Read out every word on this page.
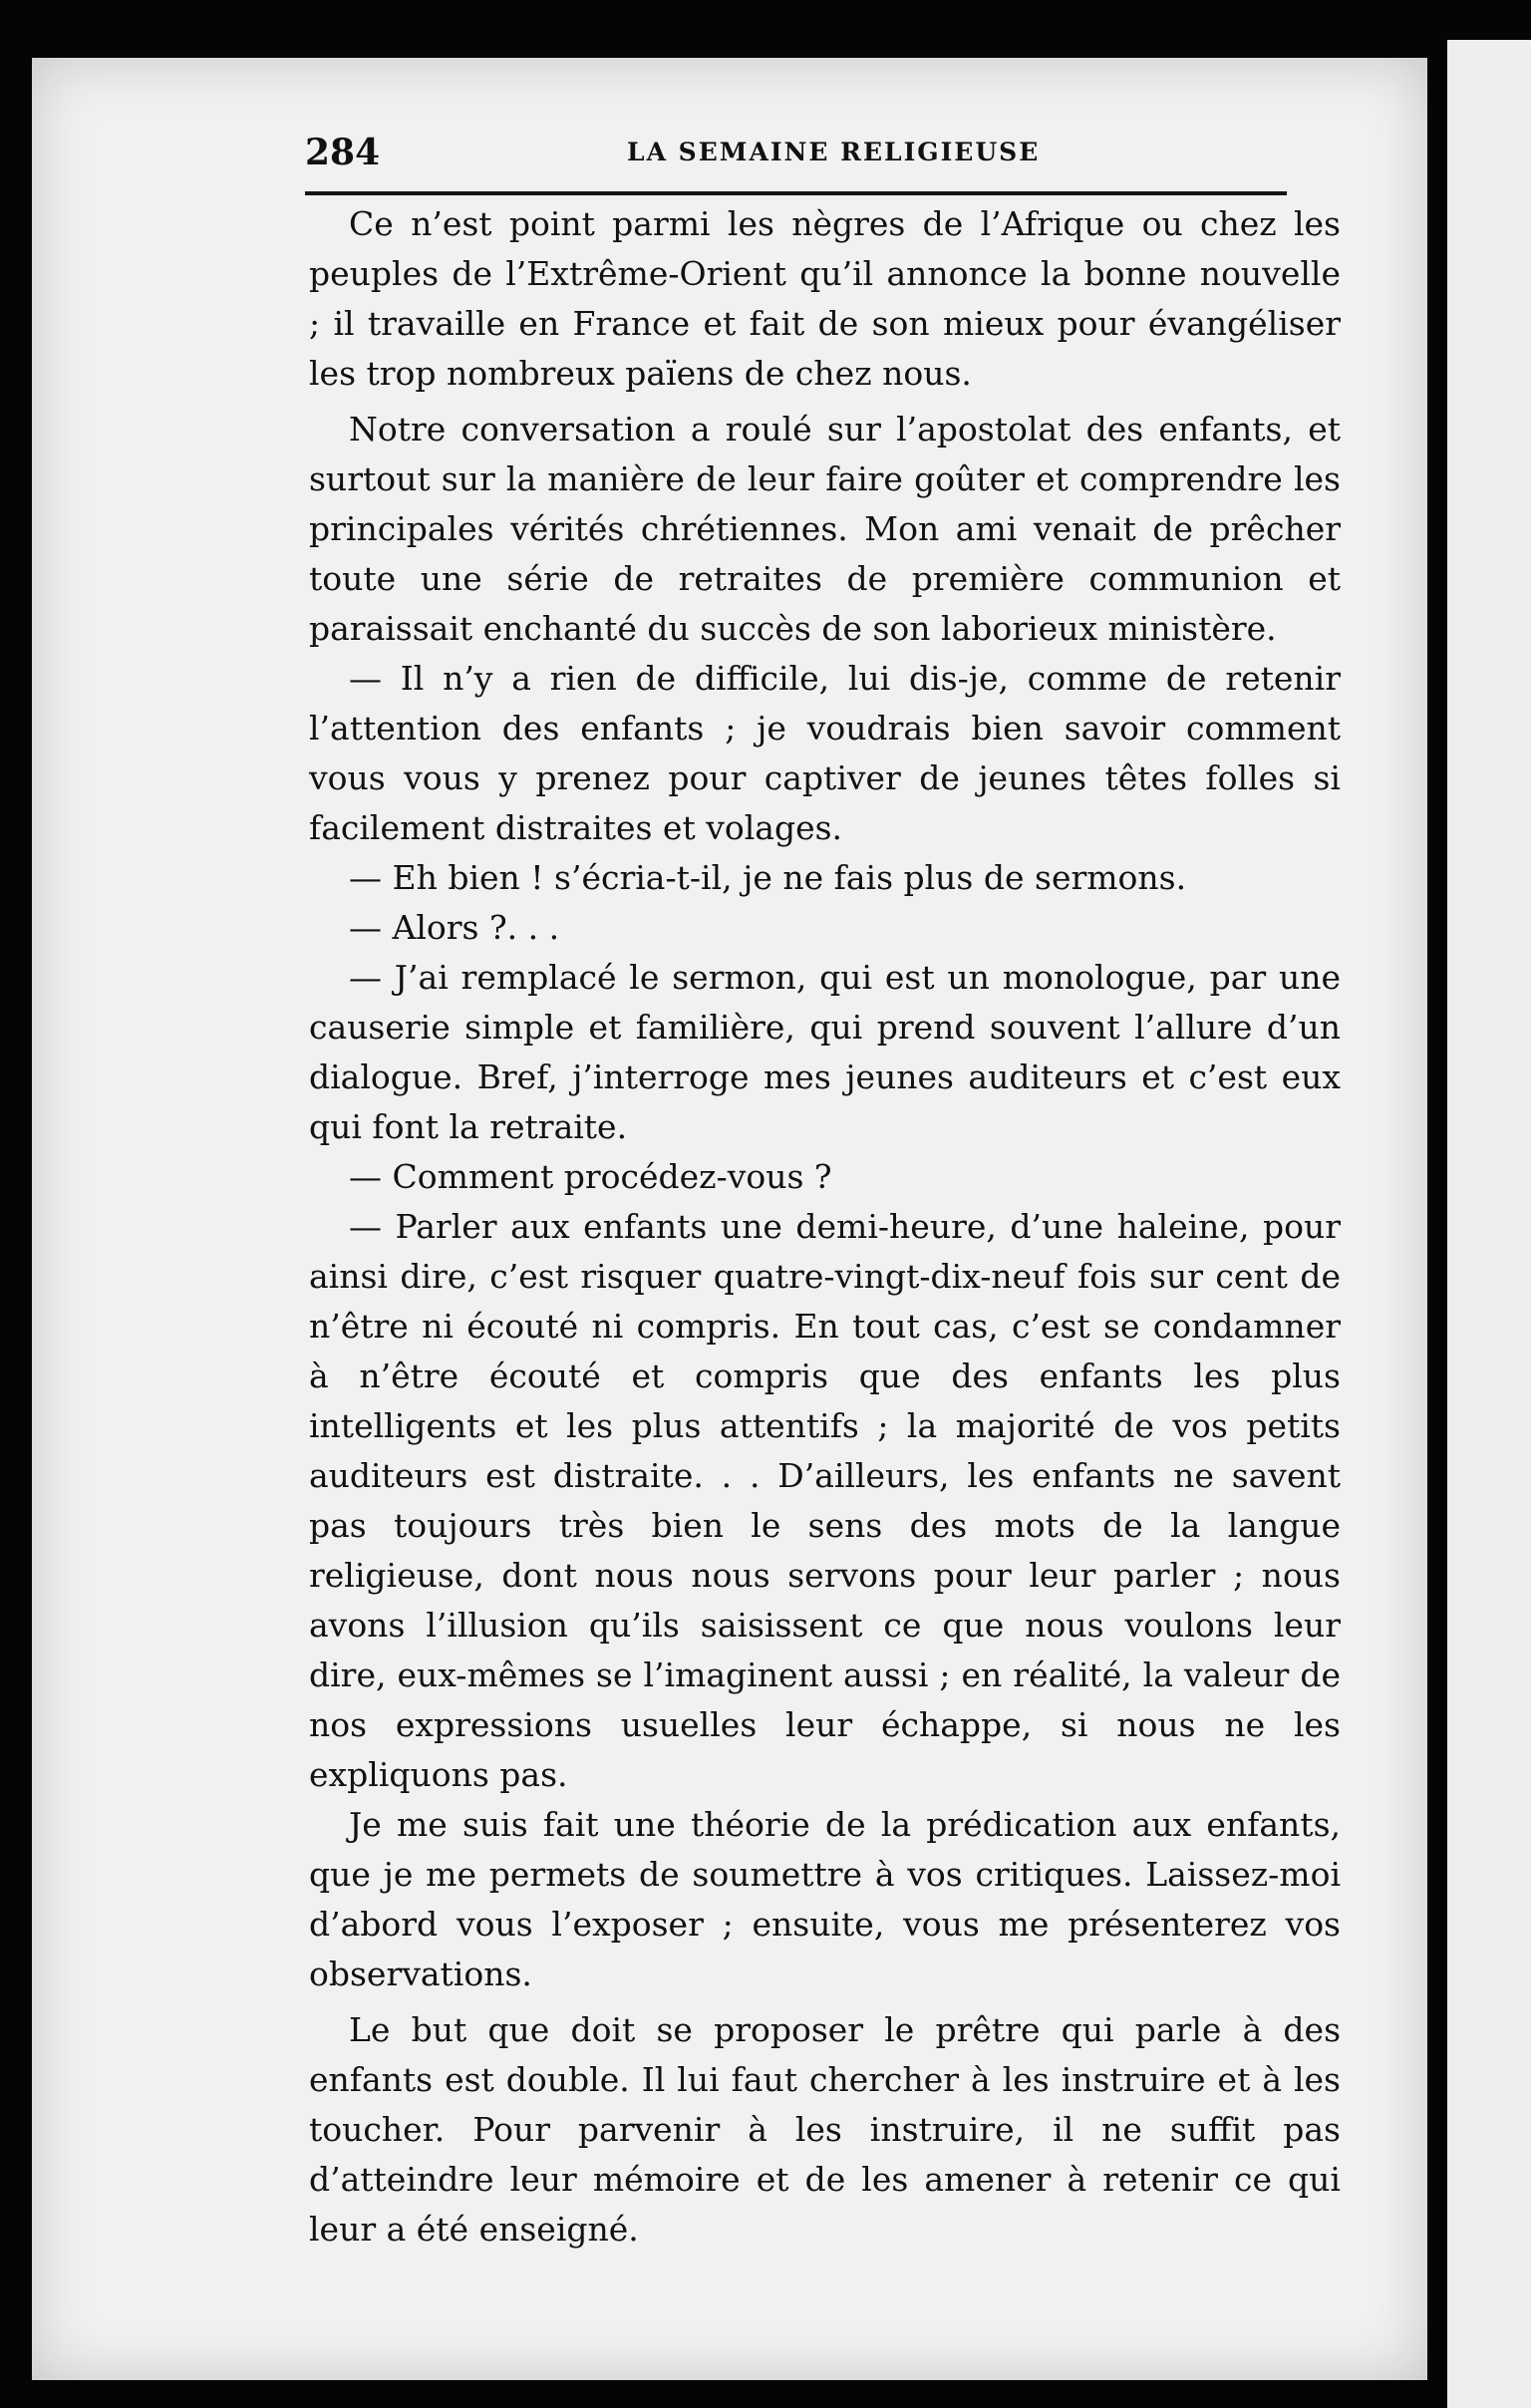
284	LA SEMAINE RELIGIEUSE

Ce n’est point parmi les nègres de l’Afrique ou chez les peuples de l’Extrême-Orient qu’il annonce la bonne nouvelle ; il travaille en France et fait de son mieux pour évangéliser les trop nombreux païens de chez nous.

Notre conversation a roulé sur l’apostolat des enfants, et surtout sur la manière de leur faire goûter et comprendre les principales vérités chrétiennes. Mon ami venait de prêcher toute une série de retraites de première communion et paraissait enchanté du succès de son laborieux ministère.

— Il n’y a rien de difficile, lui dis-je, comme de retenir l’attention des enfants ; je voudrais bien savoir comment vous vous y prenez pour captiver de jeunes têtes folles si facilement distraites et volages.

— Eh bien ! s’écria-t-il, je ne fais plus de sermons.

— Alors ?. . .

— J’ai remplacé le sermon, qui est un monologue, par une causerie simple et familière, qui prend souvent l’allure d’un dialogue. Bref, j’interroge mes jeunes auditeurs et c’est eux qui font la retraite.

— Comment procédez-vous ?

— Parler aux enfants une demi-heure, d’une haleine, pour ainsi dire, c’est risquer quatre-vingt-dix-neuf fois sur cent de n’être ni écouté ni compris. En tout cas, c’est se condamner à n’être écouté et compris que des enfants les plus intelligents et les plus attentifs ; la majorité de vos petits auditeurs est distraite. . . D’ailleurs, les enfants ne savent pas toujours très bien le sens des mots de la langue religieuse, dont nous nous servons pour leur parler ; nous avons l’illusion qu’ils saisissent ce que nous voulons leur dire, eux-mêmes se l’imaginent aussi ; en réalité, la valeur de nos expressions usuelles leur échappe, si nous ne les expliquons pas.

Je me suis fait une théorie de la prédication aux enfants, que je me permets de soumettre à vos critiques. Laissez-moi d’abord vous l’exposer ; ensuite, vous me présenterez vos observations.

Le but que doit se proposer le prêtre qui parle à des enfants est double. Il lui faut chercher à les instruire et à les toucher. Pour parvenir à les instruire, il ne suffit pas d’atteindre leur mémoire et de les amener à retenir ce qui leur a été enseigné.
